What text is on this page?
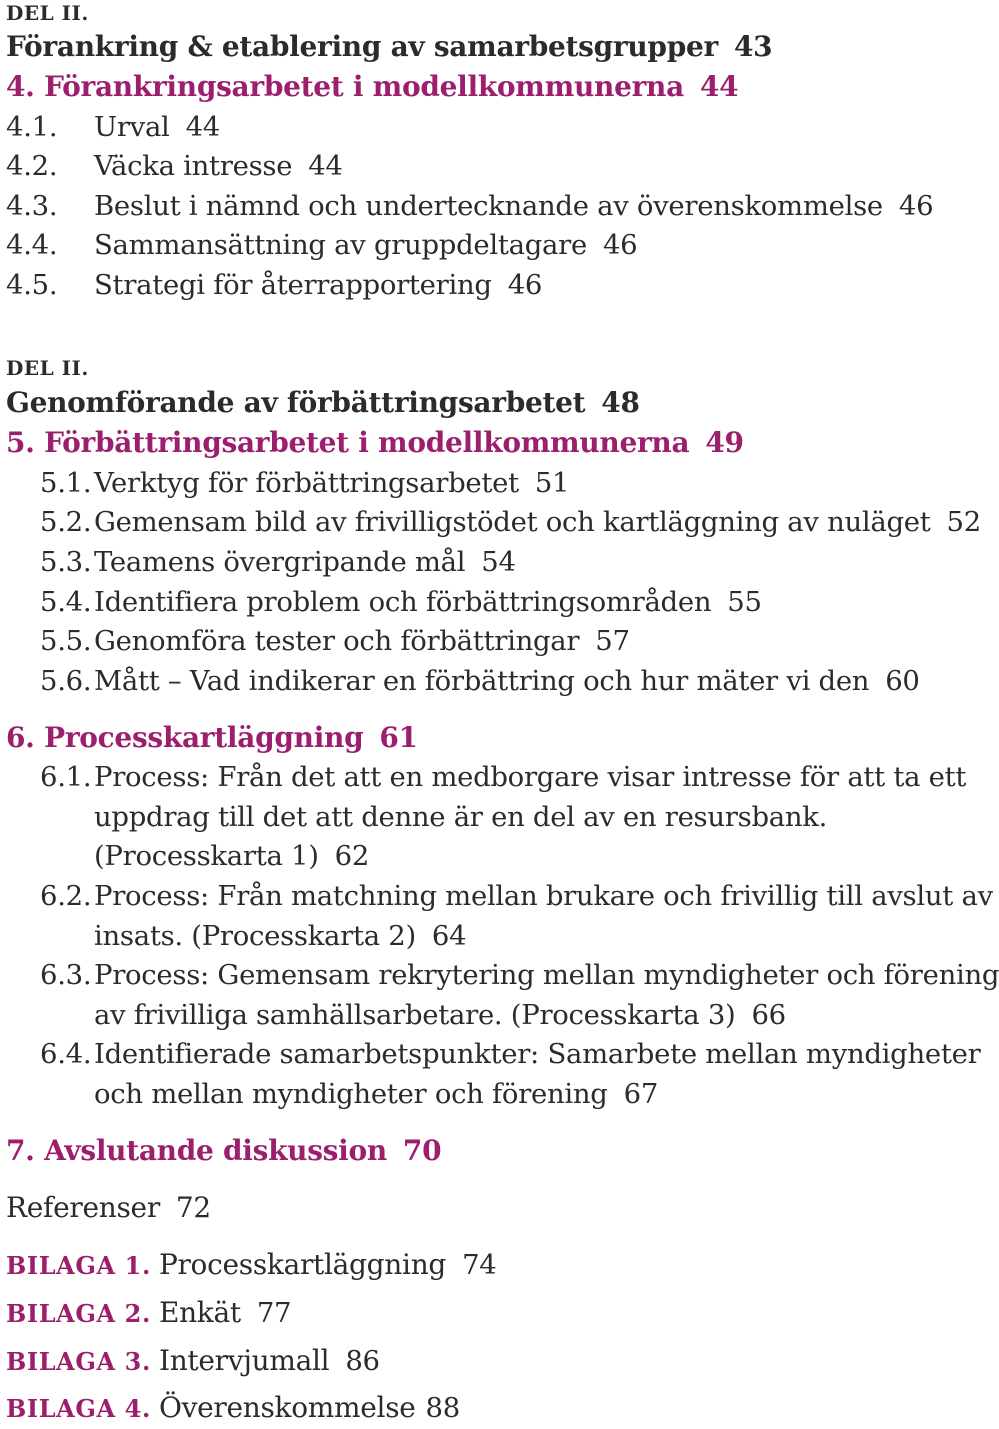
DEL II.
Förankring & etablering av samarbetsgrupper 43
4. Förankringsarbetet i modellkommunerna 44
4.1. Urval 44
4.2. Väcka intresse 44
4.3. Beslut i nämnd och undertecknande av överenskommelse 46
4.4. Sammansättning av gruppdeltagare 46
4.5. Strategi för återrapportering 46
DEL II.
Genomförande av förbättringsarbetet 48
5. Förbättringsarbetet i modellkommunerna 49
5.1.Verktyg för förbättringsarbetet 51
5.2.Gemensam bild av frivilligstödet och kartläggning av nuläget 52
5.3.Teamens övergripande mål 54
5.4.Identifiera problem och förbättringsområden 55
5.5.Genomföra tester och förbättringar 57
5.6.Mått – Vad indikerar en förbättring och hur mäter vi den 60
6. Processkartläggning 61
6.1.Process: Från det att en medborgare visar intresse för att ta ett
uppdrag till det att denne är en del av en resursbank.
(Processkarta 1) 62
6.2.Process: Från matchning mellan brukare och frivillig till avslut av
insats. (Processkarta 2) 64
6.3.Process: Gemensam rekrytering mellan myndigheter och förening
av frivilliga samhällsarbetare. (Processkarta 3) 66
6.4.Identifierade samarbetspunkter: Samarbete mellan myndigheter
och mellan myndigheter och förening 67
7. Avslutande diskussion 70
Referenser 72
BILAGA 1. Processkartläggning 74
BILAGA 2. Enkät 77
BILAGA 3. Intervjumall 86
BILAGA 4. Överenskommelse 88
